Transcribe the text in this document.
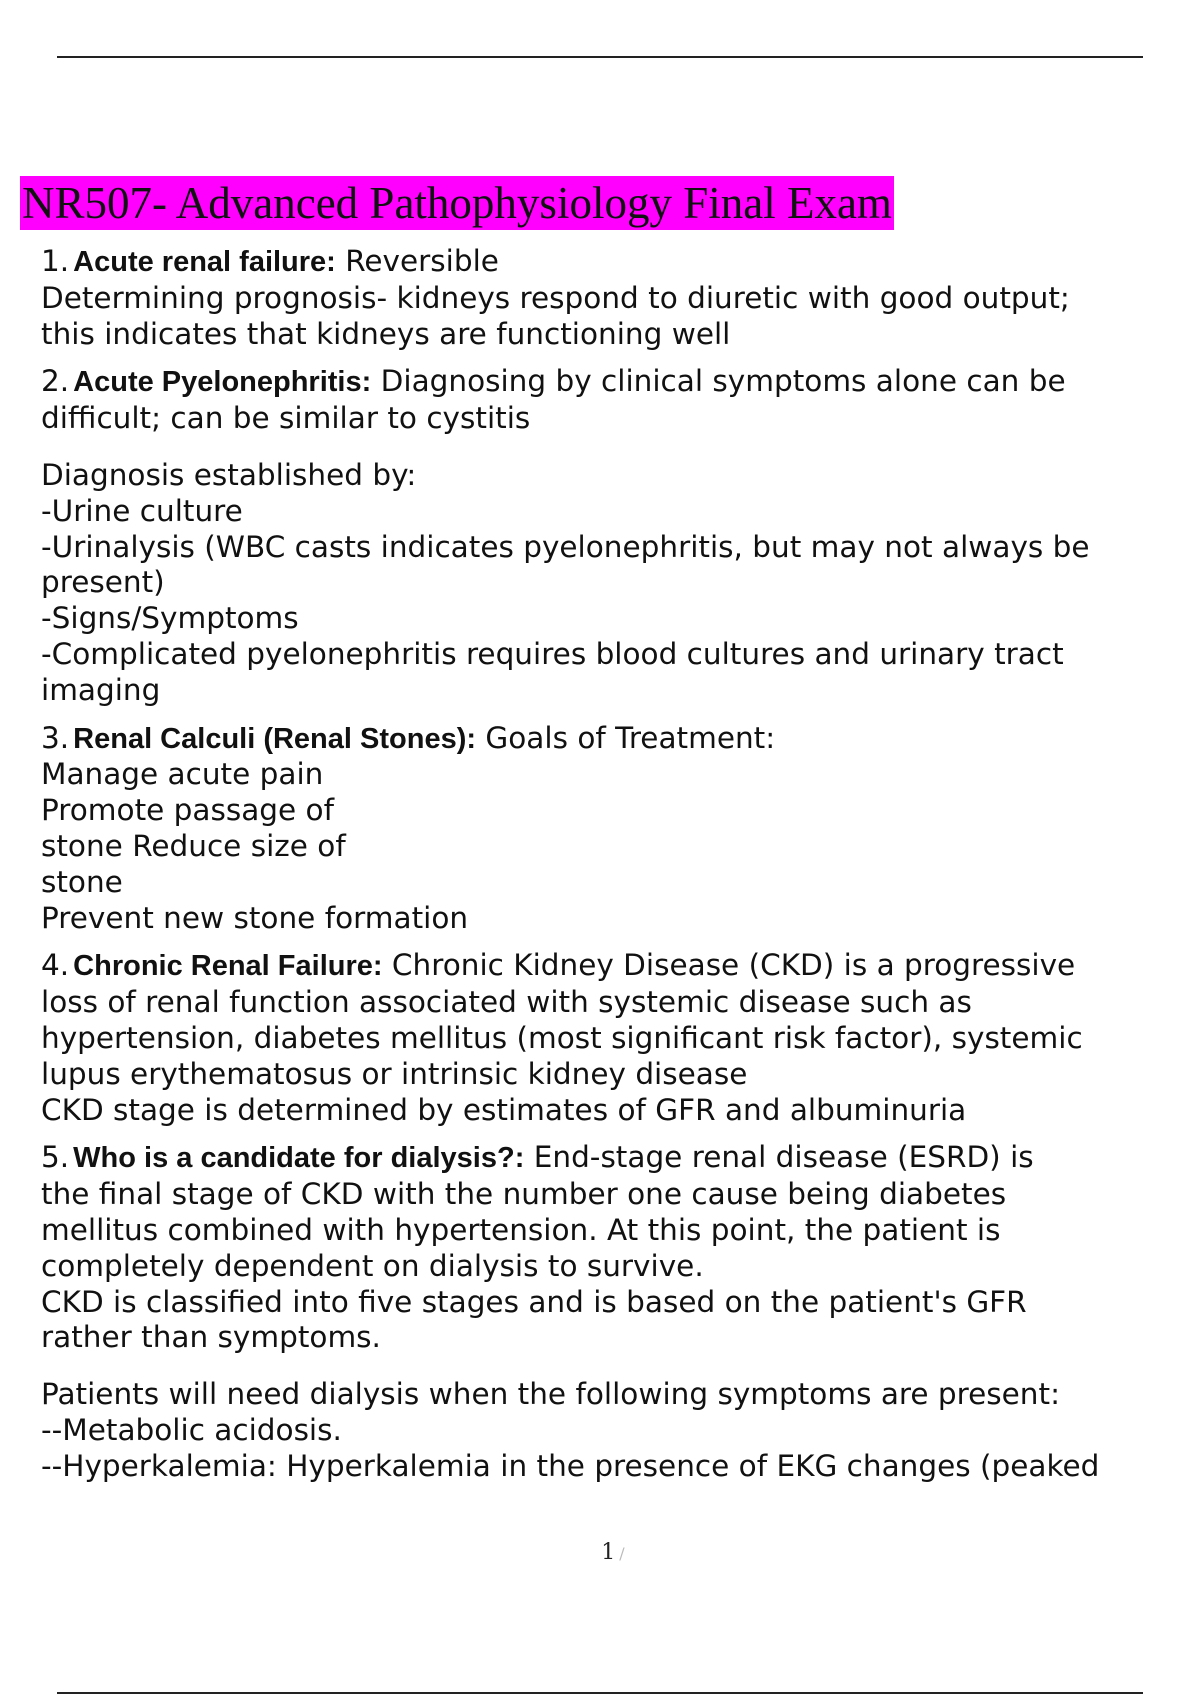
NR507- Advanced Pathophysiology Final Exam
1. Acute renal failure: Reversible
Determining prognosis- kidneys respond to diuretic with good output;
this indicates that kidneys are functioning well
2. Acute Pyelonephritis: Diagnosing by clinical symptoms alone can be
difficult; can be similar to cystitis
Diagnosis established by:
-Urine culture
-Urinalysis (WBC casts indicates pyelonephritis, but may not always be
present)
-Signs/Symptoms
-Complicated pyelonephritis requires blood cultures and urinary tract
imaging
3. Renal Calculi (Renal Stones): Goals of Treatment:
Manage acute pain
Promote passage of
stone Reduce size of
stone
Prevent new stone formation
4. Chronic Renal Failure: Chronic Kidney Disease (CKD) is a progressive
loss of renal function associated with systemic disease such as
hypertension, diabetes mellitus (most significant risk factor), systemic
lupus erythematosus or intrinsic kidney disease
CKD stage is determined by estimates of GFR and albuminuria
5. Who is a candidate for dialysis?: End-stage renal disease (ESRD) is
the final stage of CKD with the number one cause being diabetes
mellitus combined with hypertension. At this point, the patient is
completely dependent on dialysis to survive.
CKD is classified into five stages and is based on the patient's GFR
rather than symptoms.
Patients will need dialysis when the following symptoms are present:
--Metabolic acidosis.
--Hyperkalemia: Hyperkalemia in the presence of EKG changes (peaked
1 /
